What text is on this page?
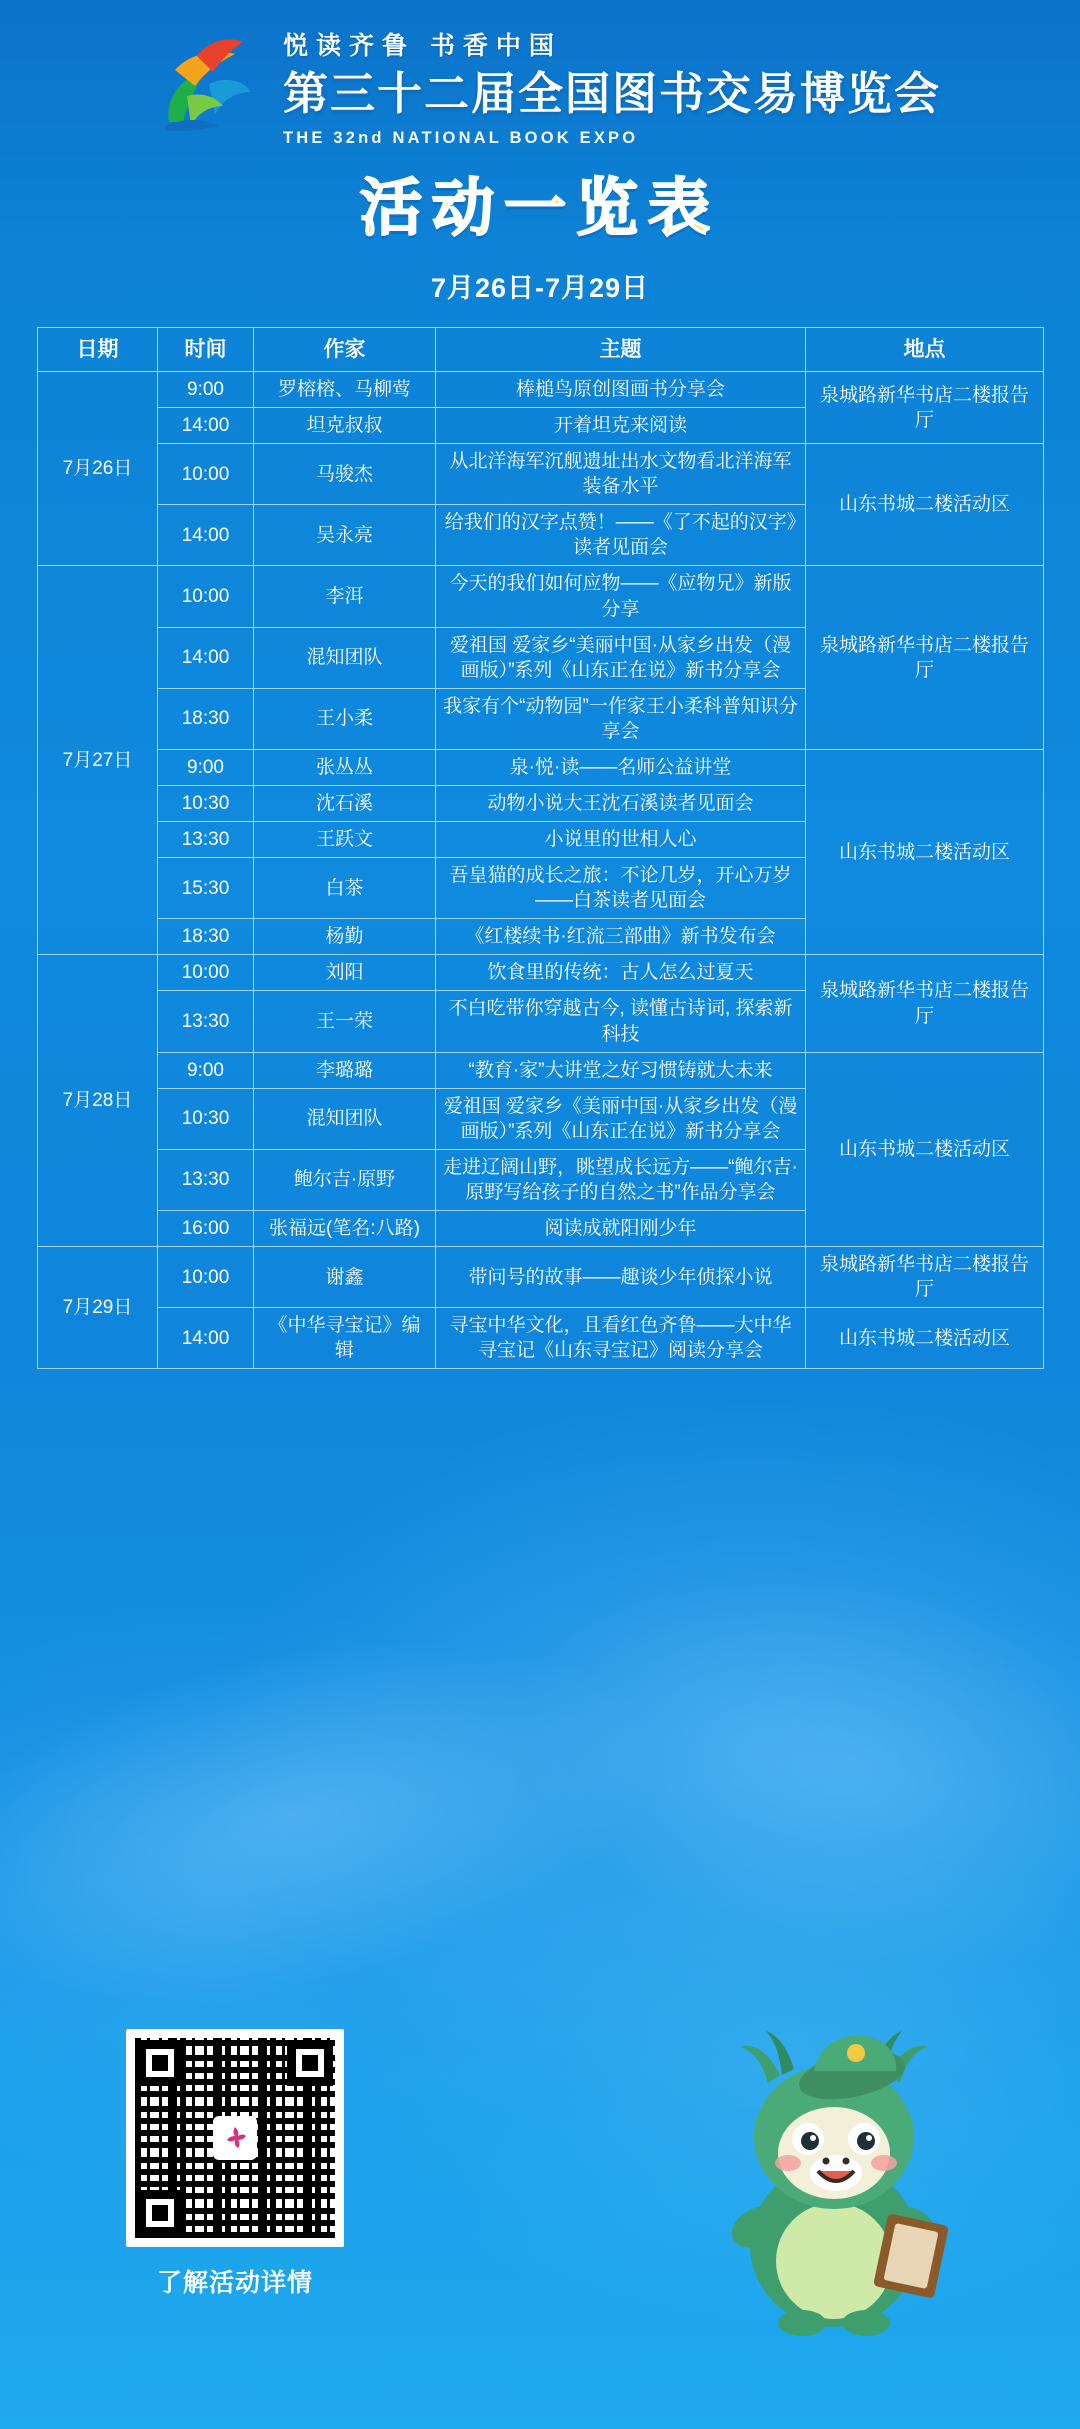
悦读齐鲁 书香中国
第三十二届全国图书交易博览会
THE 32nd NATIONAL BOOK EXPO
活动一览表
7月26日-7月29日
日期	时间	作家	主题	地点
7月26日	9:00	罗榕榕、马柳莺	棒槌鸟原创图画书分享会	泉城路新华书店二楼报告厅
	14:00	坦克叔叔	开着坦克来阅读	
	10:00	马骏杰	从北洋海军沉舰遗址出水文物看北洋海军装备水平	山东书城二楼活动区
	14:00	吴永亮	给我们的汉字点赞！——《了不起的汉字》读者见面会	
7月27日	10:00	李洱	今天的我们如何应物——《应物兄》新版分享	泉城路新华书店二楼报告厅
	14:00	混知团队	爱祖国 爱家乡“美丽中国·从家乡出发（漫画版）”系列《山东正在说》新书分享会	
	18:30	王小柔	我家有个“动物园”一作家王小柔科普知识分享会	
	9:00	张丛丛	泉·悦·读——名师公益讲堂	山东书城二楼活动区
	10:30	沈石溪	动物小说大王沈石溪读者见面会	
	13:30	王跃文	小说里的世相人心	
	15:30	白茶	吾皇猫的成长之旅：不论几岁，开心万岁——白茶读者见面会	
	18:30	杨勤	《红楼续书·红流三部曲》新书发布会	
7月28日	10:00	刘阳	饮食里的传统：古人怎么过夏天	泉城路新华书店二楼报告厅
	13:30	王一荣	不白吃带你穿越古今, 读懂古诗词, 探索新科技	
	9:00	李璐璐	“教育·家”大讲堂之好习惯铸就大未来	山东书城二楼活动区
	10:30	混知团队	爱祖国 爱家乡《美丽中国·从家乡出发（漫画版）”系列《山东正在说》新书分享会	
	13:30	鲍尔吉·原野	走进辽阔山野，眺望成长远方——“鲍尔吉·原野写给孩子的自然之书”作品分享会	
	16:00	张福远(笔名:八路)	阅读成就阳刚少年	
7月29日	10:00	谢鑫	带问号的故事——趣谈少年侦探小说	泉城路新华书店二楼报告厅
	14:00	《中华寻宝记》编辑	寻宝中华文化，且看红色齐鲁——大中华寻宝记《山东寻宝记》阅读分享会	山东书城二楼活动区
了解活动详情
